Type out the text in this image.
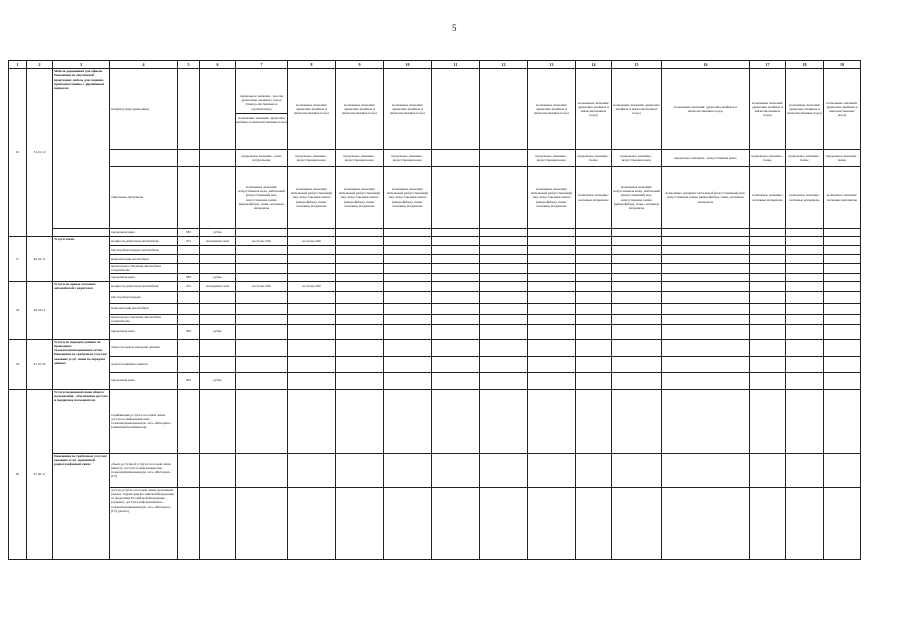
5
1	2	3	4	5	6	7	8	9	10	11	12	13	14	15	16	17	18	19
16	31.01.12	Мебель деревянная для офисов. Пояснения по закупаемой продукции: мебель для сидения, преимущественно с деревянным каркасом	материал (вид древесины)			предельное значение - массив древесины «ценных» пород (твердо-лиственных и тропических);
возможные значения: древесина хвойных и мягколиственных пород	возможные значения: древесина хвойных и мягколиственных пород	возможные значения: древесина хвойных и мягколиственных пород	возможные значения: древесина хвойных и мягколиственных пород			возможные значения: древесина хвойных и мягколиственных пород	возможные значения: древесина хвойных и мягколиственных пород	возможные значения: древесина хвойных и мягколиственных пород	возможные значения: древесина хвойных и мягколиственных пород	возможные значения: древесина хвойных и мягколиственных пород	возможные значения: древесина хвойных и мягколиственных пород	возможные значения: древесина хвойных и мягколиственных пород
						предельное значение - кожа натуральная;	предельное значение - искусственная кожа;	предельное значение - искусственная кожа;	предельное значение - искусственная кожа;			предельное значение - искусственная кожа;	предельное значение - ткань;	предельное значение - искусственная кожа;	предельное значение - искусственная кожа;	предельное значение - ткань;	предельное значение - ткань;	предельное значение - ткань;
			обивочные материалы			возможные значения: искусственная кожа, мебельный (искусственный) мех, искусственная замша (микрофибра), ткань, нетканые материалы	возможные значения: мебельный (искусственный) мех, искусственная замша (микрофибра), ткань, нетканые материалы	возможные значения: мебельный (искусственный) мех, искусственная замша (микрофибра), ткань, нетканые материалы	возможные значения: мебельный (искусственный) мех, искусственная замша (микрофибра), ткань, нетканые материалы			возможные значения: мебельный (искусственный) мех, искусственная замша (микрофибра), ткань, нетканые материалы	возможное значение: нетканые материалы	возможные значения: искусственная кожа, мебельный (искусственный) мех, искусственная замша (микрофибра), ткань, нетканые материалы	возможные значения: мебельный (искусственный) мех, искусственная замша (микрофибра), ткань, нетканые материалы	возможное значение: нетканые материалы	возможное значение: нетканые материалы	возможное значение: нетканые материалы
			предельная цена	383	рубль													
17	49.32.11	Услуги такси	мощность двигателя автомобиля	251	лошадиная сила	не более 200	не более 200											
			тип коробки передач автомобиля															
			комплектация автомобиля															
			время предоставления автомобиля потребителю															
			предельная цена	383	рубль													
18	49.32.12	Услуги по аренде легковых автомобилей с водителем	мощность двигателя автомобиля	251	лошадиная сила	не более 200	не более 200											
			тип коробки передач															
			комплектация автомобиля															
			время предоставления автомобиля потребителю															
			предельная цена	383	рубль													
19	61.10.30	Услуги по передаче данных по проводным телекоммуникационным сетям. Пояснения по требуемым услугам: оказание услуг связи по передаче данных	скорость канала передачи данных															
			доля потерянных пакетов															
			предельная цена	383	рубль													
20	61.20.11	Услуги подвижной связи общего пользования - обеспечение доступа и поддержка пользователя.	тарификация услуги голосовой связи, доступа в информационно-телекоммуникационную сеть «Интернет» (лимитная/безлимитная)															
		Пояснения по требуемым услугам: оказание услуг подвижной радиотелефонной связи	объем доступной услуги голосовой связи (минут), доступа в информационно-телекоммуникационную сеть «Интернет» (Гб)															
			доступ услуги голосовой связи (домашний регион, территория Российской Федерации, за пределами Российской Федерации - роуминг), доступ в информационно-телекоммуникационную сеть «Интернет» (Гб) (да/нет)															
